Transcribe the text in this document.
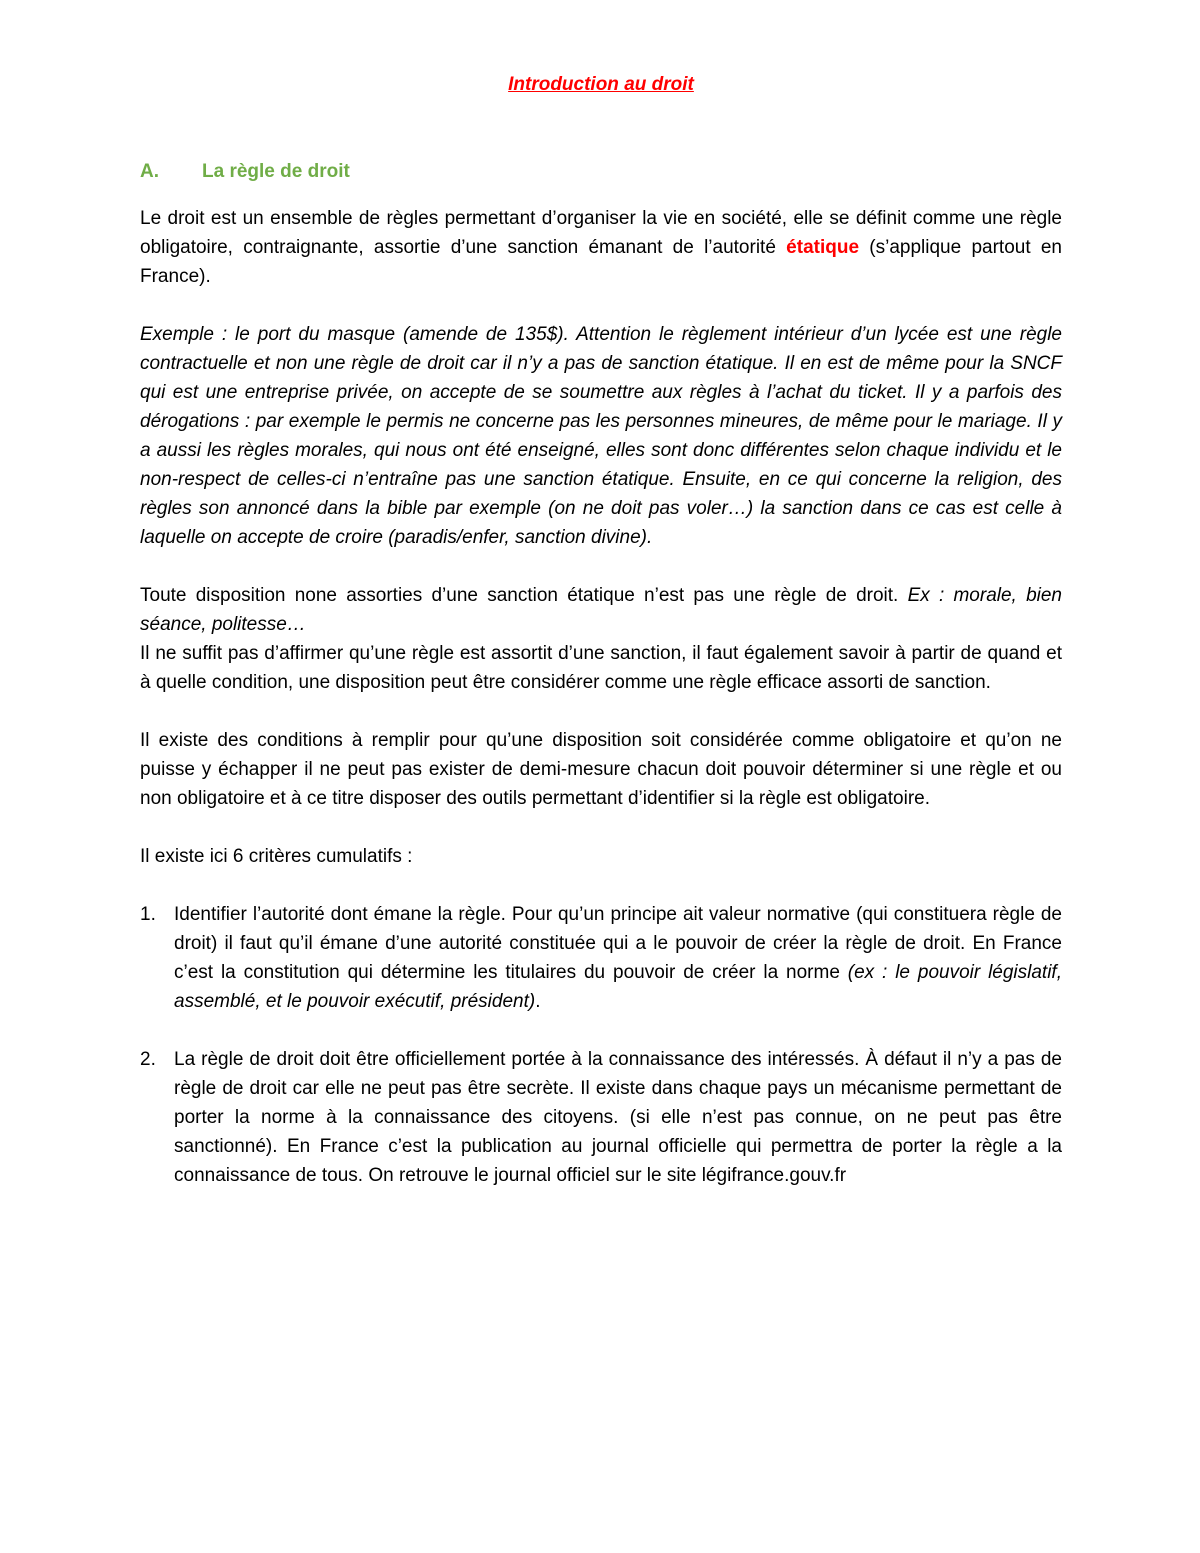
Introduction au droit
A.	La règle de droit

Le droit est un ensemble de règles permettant d’organiser la vie en société, elle se définit comme une règle obligatoire, contraignante, assortie d’une sanction émanant de l’autorité étatique (s’applique partout en France).

Exemple : le port du masque (amende de 135$). Attention le règlement intérieur d’un lycée est une règle contractuelle et non une règle de droit car il n’y a pas de sanction étatique. Il en est de même pour la SNCF qui est une entreprise privée, on accepte de se soumettre aux règles à l’achat du ticket. Il y a parfois des dérogations : par exemple le permis ne concerne pas les personnes mineures, de même pour le mariage. Il y a aussi les règles morales, qui nous ont été enseigné, elles sont donc différentes selon chaque individu et le non-respect de celles-ci n’entraîne pas une sanction étatique. Ensuite, en ce qui concerne la religion, des règles son annoncé dans la bible par exemple (on ne doit pas voler…) la sanction dans ce cas est celle à laquelle on accepte de croire (paradis/enfer, sanction divine).

Toute disposition none assorties d’une sanction étatique n’est pas une règle de droit. Ex : morale, bien séance, politesse…

Il ne suffit pas d’affirmer qu’une règle est assortit d’une sanction, il faut également savoir à partir de quand et à quelle condition, une disposition peut être considérer comme une règle efficace assorti de sanction.

Il existe des conditions à remplir pour qu’une disposition soit considérée comme obligatoire et qu’on ne puisse y échapper il ne peut pas exister de demi-mesure chacun doit pouvoir déterminer si une règle et ou non obligatoire et à ce titre disposer des outils permettant d’identifier si la règle est obligatoire.

Il existe ici 6 critères cumulatifs :

1. Identifier l’autorité dont émane la règle. Pour qu’un principe ait valeur normative (qui constituera règle de droit) il faut qu’il émane d’une autorité constituée qui a le pouvoir de créer la règle de droit. En France c’est la constitution qui détermine les titulaires du pouvoir de créer la norme (ex : le pouvoir législatif, assemblé, et le pouvoir exécutif, président).
2. La règle de droit doit être officiellement portée à la connaissance des intéressés. À défaut il n’y a pas de règle de droit car elle ne peut pas être secrète. Il existe dans chaque pays un mécanisme permettant de porter la norme à la connaissance des citoyens. (si elle n’est pas connue, on ne peut pas être sanctionné). En France c’est la publication au journal officielle qui permettra de porter la règle a la connaissance de tous. On retrouve le journal officiel sur le site légifrance.gouv.fr
